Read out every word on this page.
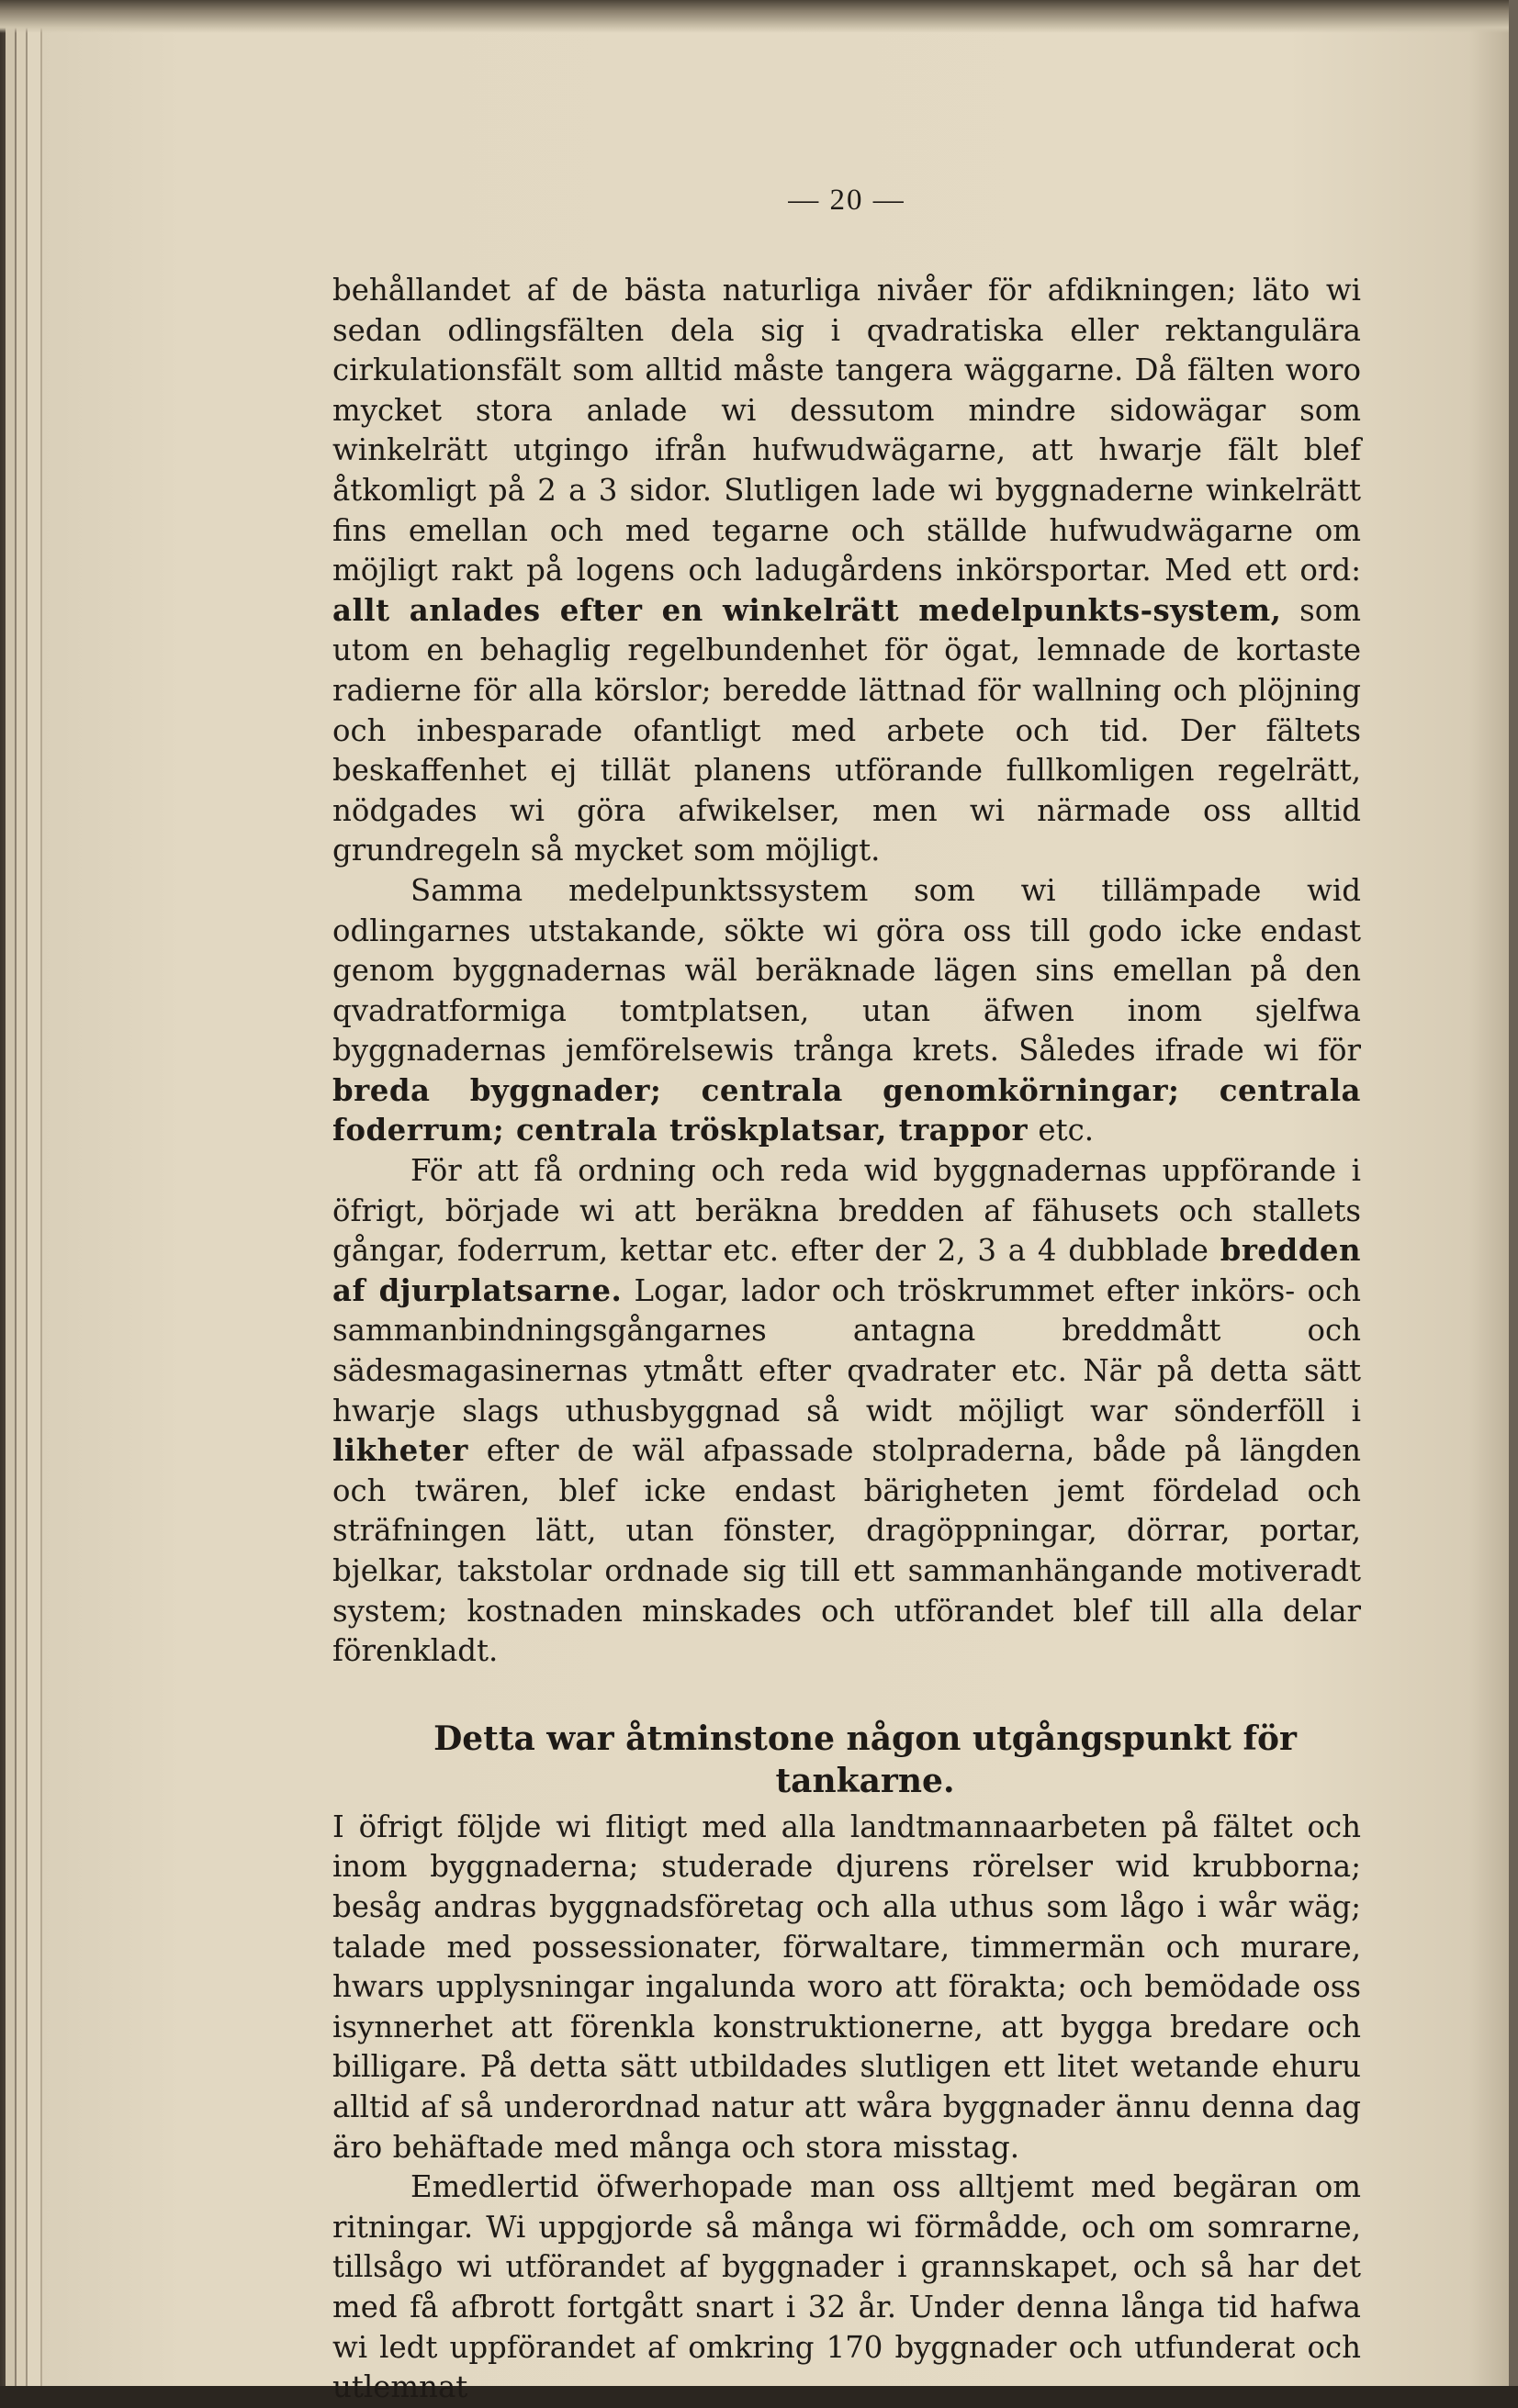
— 20 —

behållandet af de bästa naturliga nivåer för afdikningen; läto wi sedan odlingsfälten dela sig i qvadratiska eller rektangulära cirkulationsfält som alltid måste tangera wäggarne. Då fälten woro mycket stora anlade wi dessutom mindre sidowägar som winkelrätt utgingo ifrån hufwudwägarne, att hwarje fält blef åtkomligt på 2 a 3 sidor. Slutligen lade wi byggnaderne winkelrätt fins emellan och med tegarne och ställde hufwudwägarne om möjligt rakt på logens och ladugårdens inkörsportar. Med ett ord: allt anlades efter en winkelrätt medelpunkts-system, som utom en behaglig regelbundenhet för ögat, lemnade de kortaste radierne för alla körslor; beredde lättnad för wallning och plöjning och inbesparade ofantligt med arbete och tid. Der fältets beskaffenhet ej tillät planens utförande fullkomligen regelrätt, nödgades wi göra afwikelser, men wi närmade oss alltid grundregeln så mycket som möjligt.

Samma medelpunktssystem som wi tillämpade wid odlingarnes utstakande, sökte wi göra oss till godo icke endast genom byggnadernas wäl beräknade lägen sins emellan på den qvadratformiga tomtplatsen, utan äfwen inom sjelfwa byggnadernas jemförelsewis trånga krets. Således ifrade wi för breda byggnader; centrala genomkörningar; centrala foderrum; centrala tröskplatsar, trappor etc.

För att få ordning och reda wid byggnadernas uppförande i öfrigt, började wi att beräkna bredden af fähusets och stallets gångar, foderrum, kettar etc. efter der 2, 3 a 4 dubblade bredden af djurplatsarne. Logar, lador och tröskrummet efter inkörs- och sammanbindningsgångarnes antagna breddmått och sädesmagasinernas ytmått efter qvadrater etc. När på detta sätt hwarje slags uthusbyggnad så widt möjligt war sönderföll i likheter efter de wäl afpassade stolpraderna, både på längden och twären, blef icke endast bärigheten jemt fördelad och sträfningen lätt, utan fönster, dragöppningar, dörrar, portar, bjelkar, takstolar ordnade sig till ett sammanhängande motiveradt system; kostnaden minskades och utförandet blef till alla delar förenkladt.

Detta war åtminstone någon utgångspunkt för tankarne.

I öfrigt följde wi flitigt med alla landtmannaarbeten på fältet och inom byggnaderna; studerade djurens rörelser wid krubborna; besåg andras byggnadsföretag och alla uthus som lågo i wår wäg; talade med possessionater, förwaltare, timmermän och murare, hwars upplysningar ingalunda woro att förakta; och bemödade oss isynnerhet att förenkla konstruktionerne, att bygga bredare och billigare. På detta sätt utbildades slutligen ett litet wetande ehuru alltid af så underordnad natur att wåra byggnader ännu denna dag äro behäftade med många och stora misstag.

Emedlertid öfwerhopade man oss alltjemt med begäran om ritningar. Wi uppgjorde så många wi förmådde, och om somrarne, tillsågo wi utförandet af byggnader i grannskapet, och så har det med få afbrott fortgått snart i 32 år. Under denna långa tid hafwa wi ledt uppförandet af omkring 170 byggnader och utfunderat och utlemnat
